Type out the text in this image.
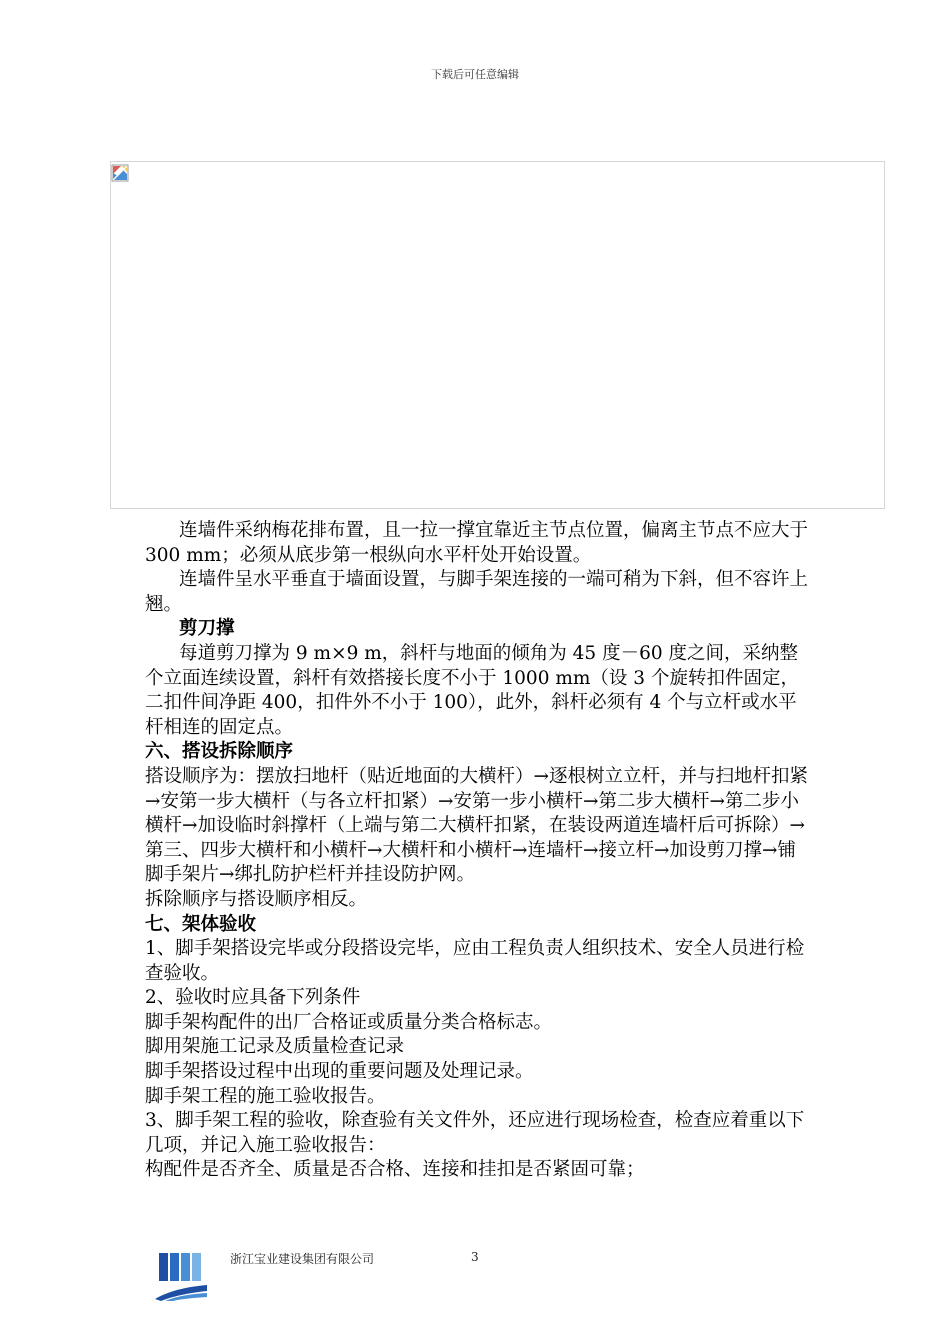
下载后可任意编辑

连墙件采纳梅花排布置，且一拉一撑宜靠近主节点位置，偏离主节点不应大于 300 mm；必须从底步第一根纵向水平杆处开始设置。

连墙件呈水平垂直于墙面设置，与脚手架连接的一端可稍为下斜，但不容许上翘。

剪刀撑

每道剪刀撑为 9 m×9 m，斜杆与地面的倾角为 45 度－60 度之间，采纳整个立面连续设置，斜杆有效搭接长度不小于 1000 mm（设 3 个旋转扣件固定，二扣件间净距 400，扣件外不小于 100），此外，斜杆必须有 4 个与立杆或水平杆相连的固定点。

六、搭设拆除顺序

搭设顺序为：摆放扫地杆（贴近地面的大横杆）→逐根树立立杆，并与扫地杆扣紧→安第一步大横杆（与各立杆扣紧）→安第一步小横杆→第二步大横杆→第二步小横杆→加设临时斜撑杆（上端与第二大横杆扣紧，在装设两道连墙杆后可拆除）→第三、四步大横杆和小横杆→大横杆和小横杆→连墙杆→接立杆→加设剪刀撑→铺脚手架片→绑扎防护栏杆并挂设防护网。

拆除顺序与搭设顺序相反。

七、架体验收

1、脚手架搭设完毕或分段搭设完毕，应由工程负责人组织技术、安全人员进行检查验收。

2、验收时应具备下列条件

脚手架构配件的出厂合格证或质量分类合格标志。

脚用架施工记录及质量检查记录

脚手架搭设过程中出现的重要问题及处理记录。

脚手架工程的施工验收报告。

3、脚手架工程的验收，除查验有关文件外，还应进行现场检查，检查应着重以下几项，并记入施工验收报告：

构配件是否齐全、质量是否合格、连接和挂扣是否紧固可靠；

浙江宝业建设集团有限公司	3
